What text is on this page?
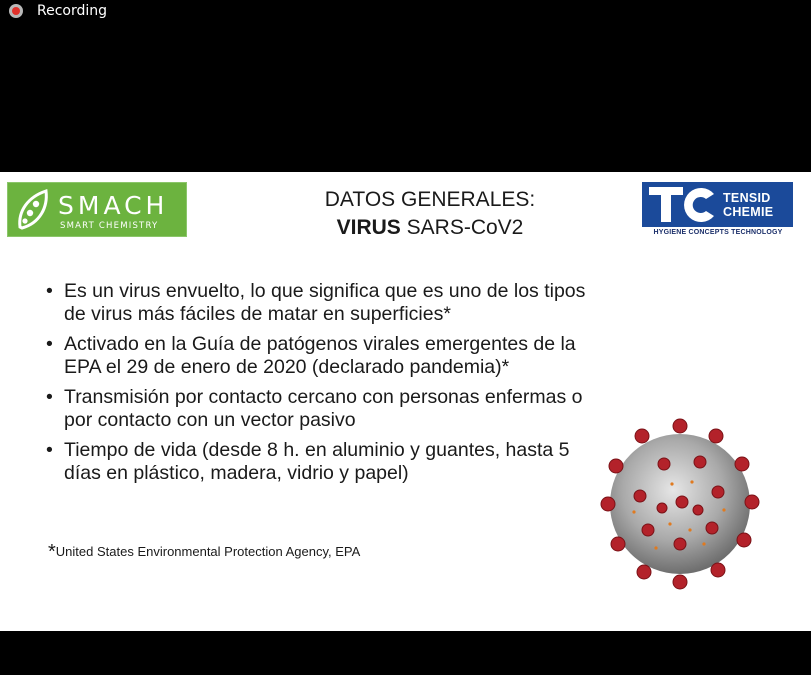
Recording
SMACH
SMART CHEMISTRY
DATOS GENERALES:
VIRUS SARS-CoV2
TENSID
CHEMIE
HYGIENE CONCEPTS TECHNOLOGY
• Es un virus envuelto, lo que significa que es uno de los tipos de virus más fáciles de matar en superficies*
• Activado en la Guía de patógenos virales emergentes de la EPA el 29 de enero de 2020 (declarado pandemia)*
• Transmisión por contacto cercano con personas enfermas o por contacto con un vector pasivo
• Tiempo de vida (desde 8 h. en aluminio y guantes, hasta 5 días en plástico, madera, vidrio y papel)
*United States Environmental Protection Agency, EPA
